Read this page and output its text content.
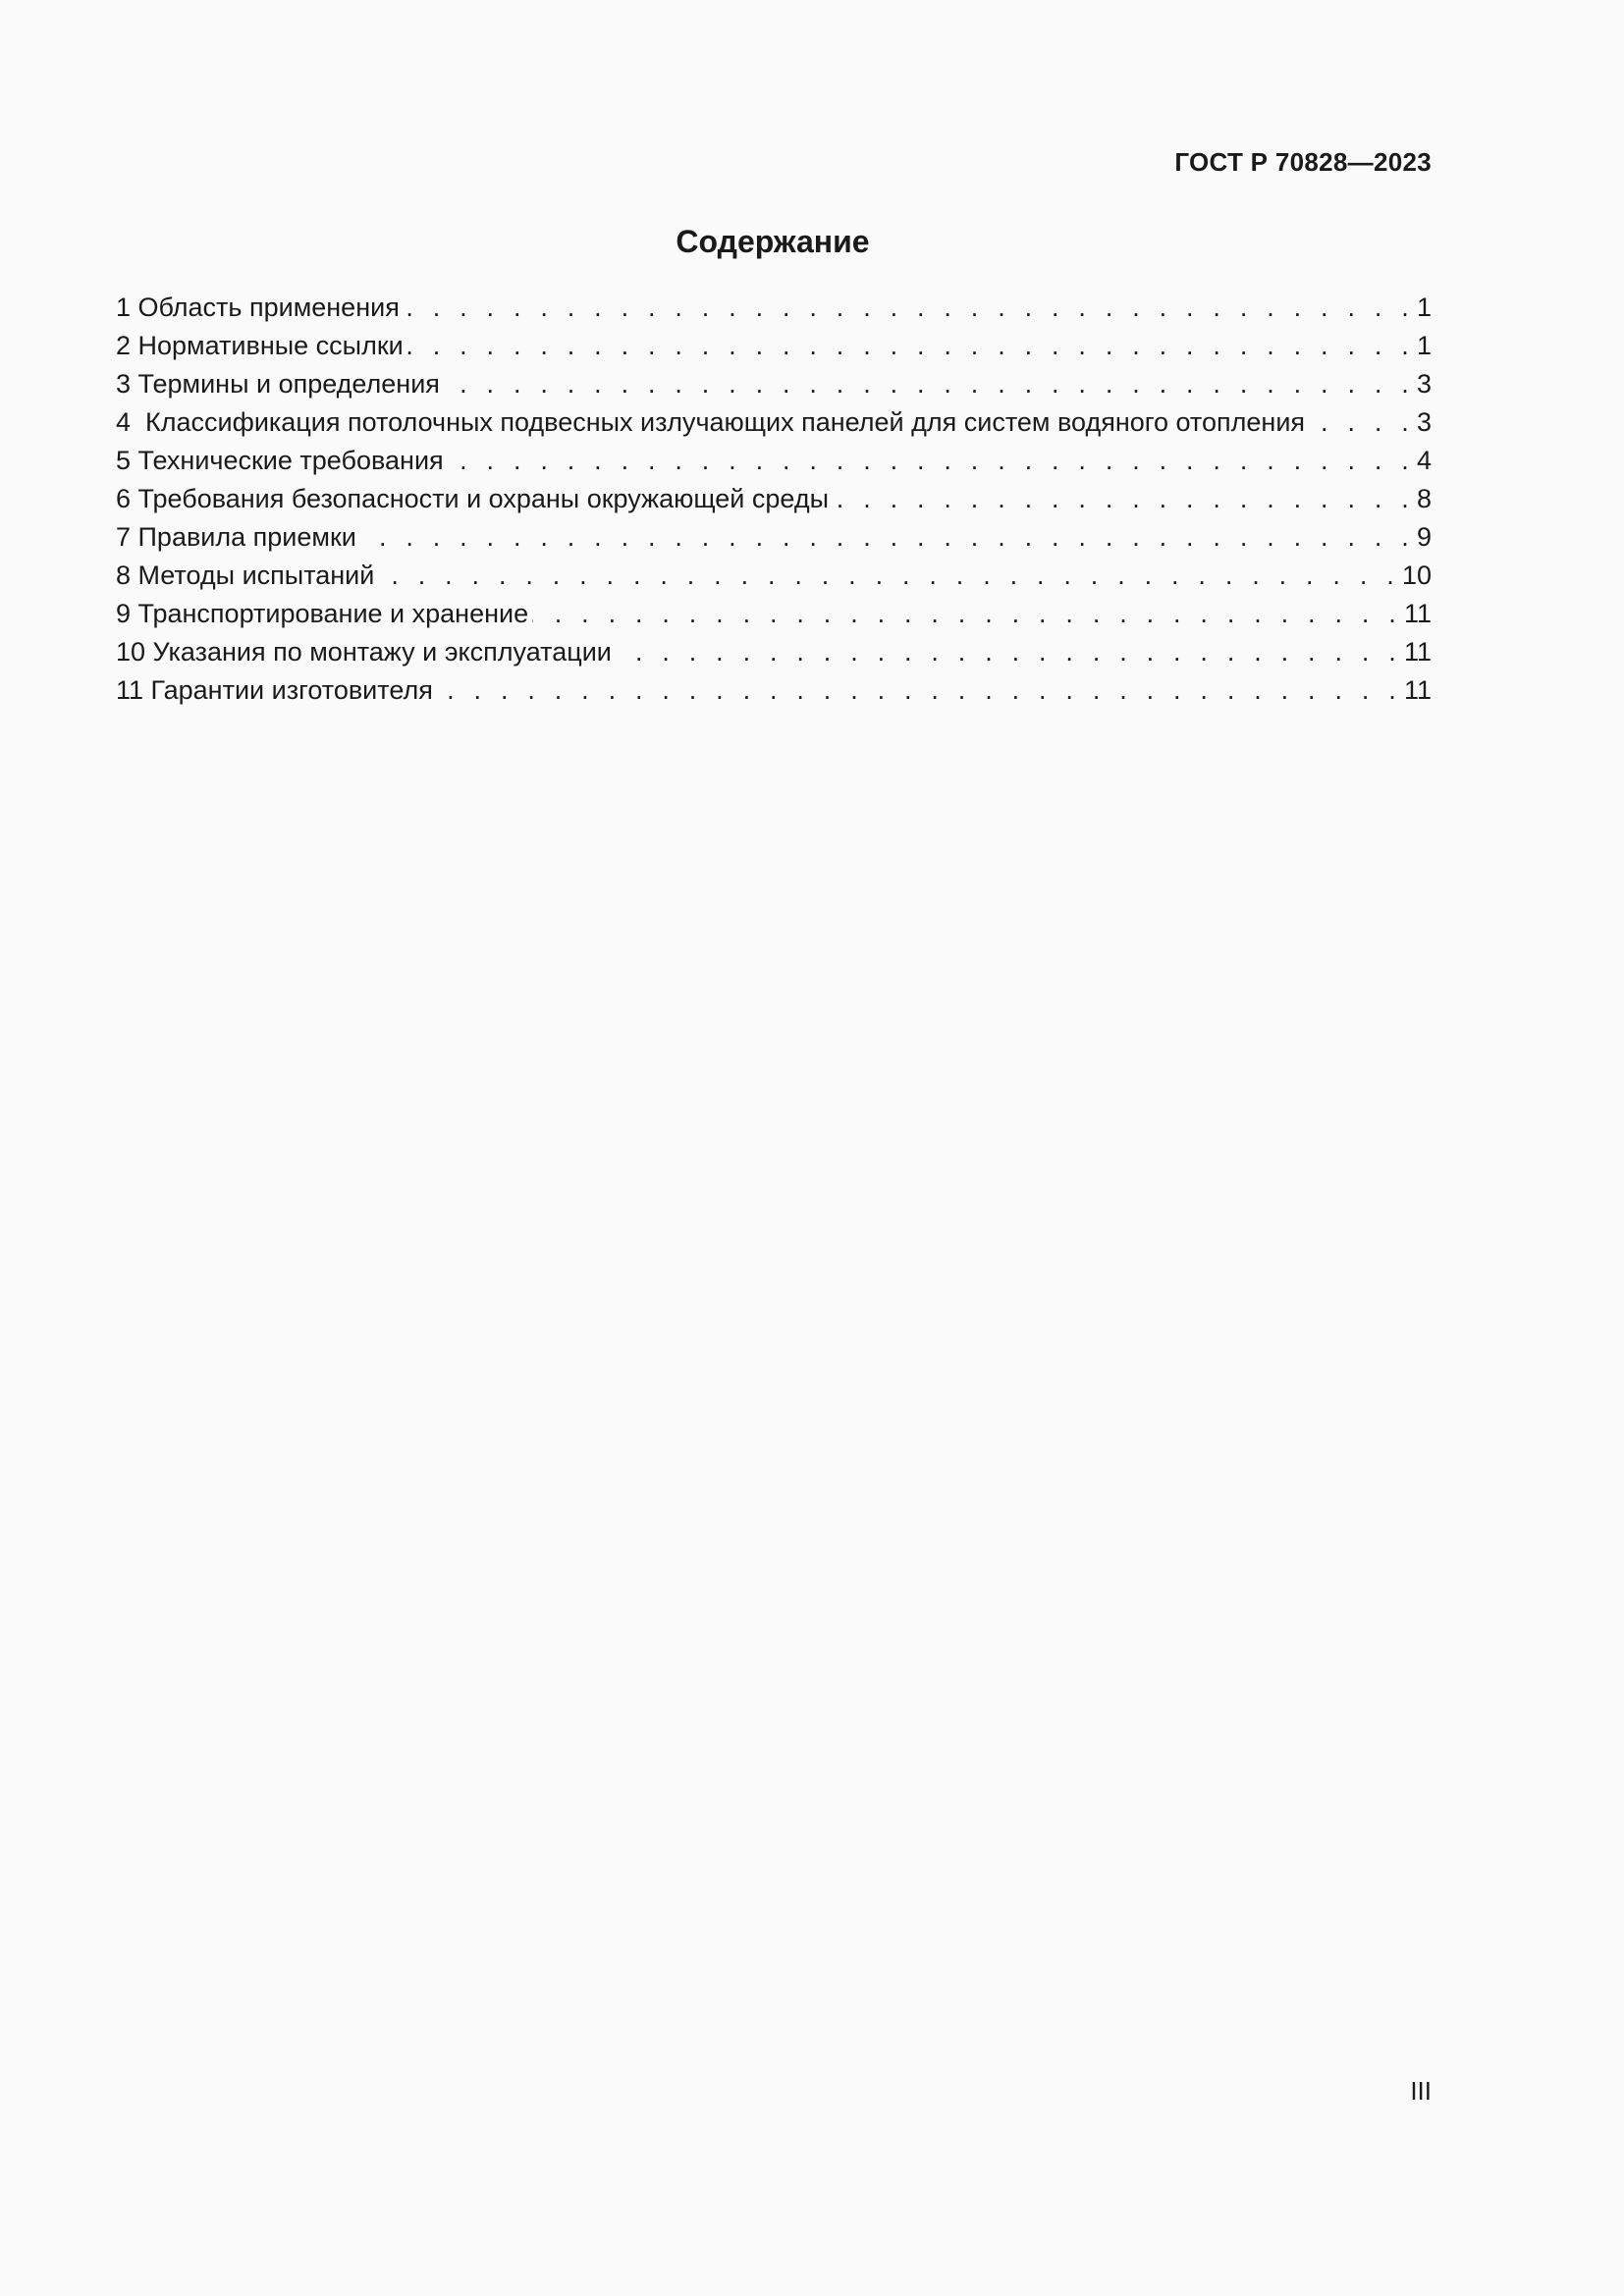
ГОСТ Р 70828—2023
Содержание
1 Область применения . . .	1
2 Нормативные ссылки . . .	1
3 Термины и определения . . .	3
4  Классификация потолочных подвесных излучающих панелей для систем водяного отопления . . .	3
5 Технические требования . . .	4
6 Требования безопасности и охраны окружающей среды . . .	8
7 Правила приемки . . .	9
8 Методы испытаний . . .	10
9 Транспортирование и хранение . . .	11
10 Указания по монтажу и эксплуатации . . .	11
11 Гарантии изготовителя . . .	11
III
